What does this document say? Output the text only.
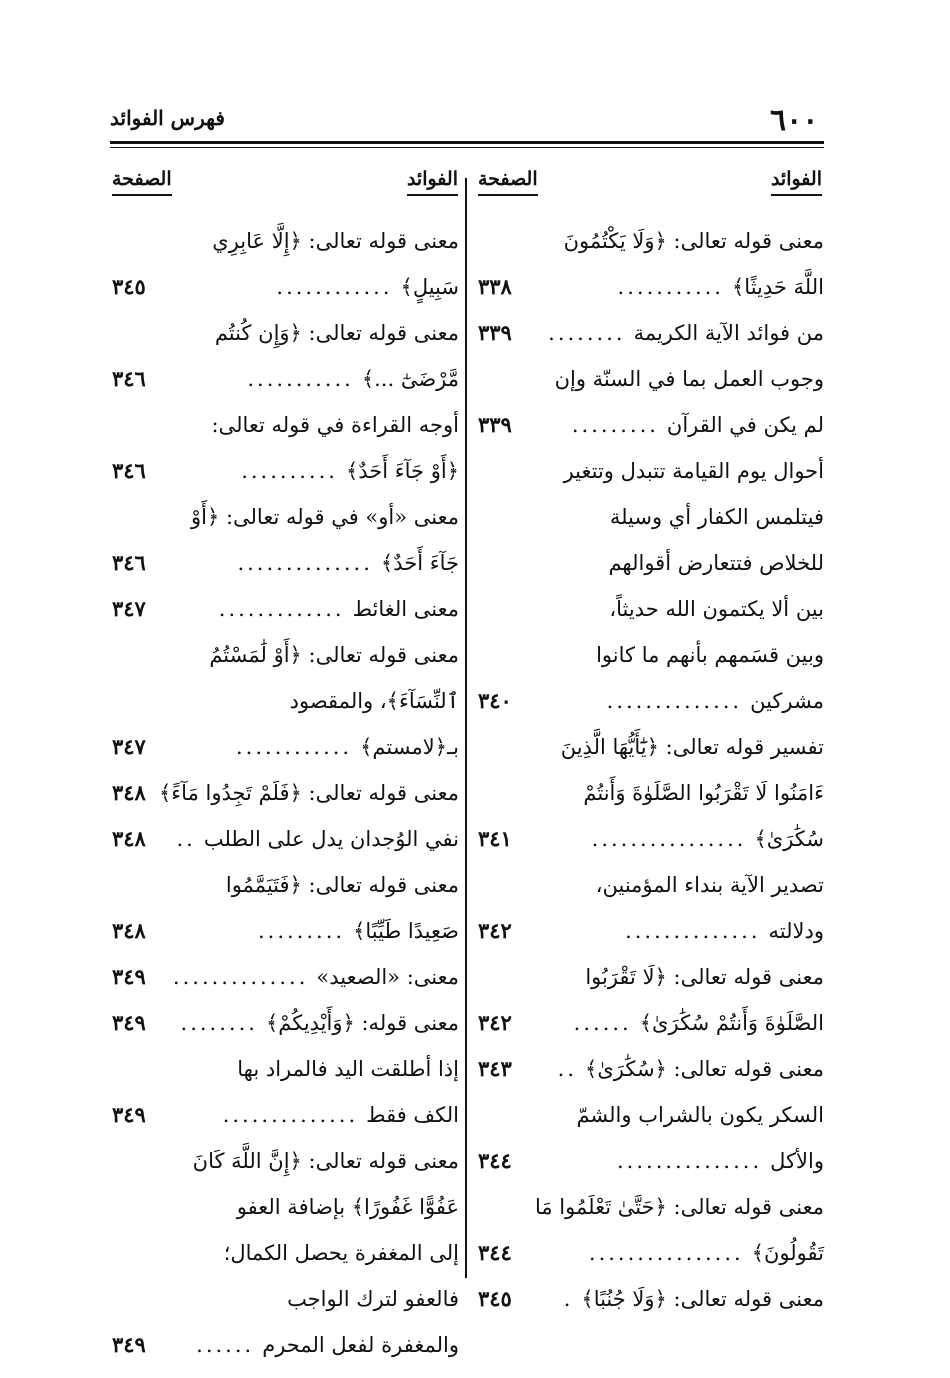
٦٠٠
فهرس الفوائد
الفوائد
الصفحة
الفوائد
الصفحة
معنى قوله تعالى: ﴿وَلَا يَكْتُمُونَ
اللَّهَ حَدِيثًا﴾...........
٣٣٨
من فوائد الآية الكريمة........
٣٣٩
وجوب العمل بما في السنّة وإن
لم يكن في القرآن.........
٣٣٩
أحوال يوم القيامة تتبدل وتتغير
فيتلمس الكفار أي وسيلة
للخلاص فتتعارض أقوالهم
بين ألا يكتمون الله حديثاً،
وبين قسَمهم بأنهم ما كانوا
مشركين..............
٣٤٠
تفسير قوله تعالى: ﴿يَٰٓأَيُّهَا الَّذِينَ
ءَامَنُوا لَا تَقْرَبُوا الصَّلَوٰةَ وَأَنتُمْ
سُكَٰرَىٰ﴾................
٣٤١
تصدير الآية بنداء المؤمنين،
ودلالته..............
٣٤٢
معنى قوله تعالى: ﴿لَا تَقْرَبُوا
الصَّلَوٰةَ وَأَنتُمْ سُكَٰرَىٰ﴾......
٣٤٢
معنى قوله تعالى: ﴿سُكَٰرَىٰ﴾..
٣٤٣
السكر يكون بالشراب والشمّ
والأكل...............
٣٤٤
معنى قوله تعالى: ﴿حَتَّىٰ تَعْلَمُوا مَا
تَقُولُونَ﴾................
٣٤٤
معنى قوله تعالى: ﴿وَلَا جُنُبًا﴾.
٣٤٥
معنى قوله تعالى: ﴿إِلَّا عَابِرِي
سَبِيلٍ﴾............
٣٤٥
معنى قوله تعالى: ﴿وَإِن كُنتُم
مَّرْضَىٰٓ ...﴾...........
٣٤٦
أوجه القراءة في قوله تعالى:
﴿أَوْ جَآءَ أَحَدٌ﴾..........
٣٤٦
معنى «أو» في قوله تعالى: ﴿أَوْ
جَآءَ أَحَدٌ﴾..............
٣٤٦
معنى الغائط.............
٣٤٧
معنى قوله تعالى: ﴿أَوْ لَٰمَسْتُمُ
ٱلنِّسَآءَ﴾، والمقصود
بـ﴿لامستم﴾............
٣٤٧
معنى قوله تعالى: ﴿فَلَمْ تَجِدُوا مَآءً﴾
٣٤٨
نفي الوُجدان يدل على الطلب..
٣٤٨
معنى قوله تعالى: ﴿فَتَيَمَّمُوا
صَعِيدًا طَيِّبًا﴾.........
٣٤٨
معنى: «الصعيد»..............
٣٤٩
معنى قوله: ﴿وَأَيْدِيكُمْ﴾........
٣٤٩
إذا أطلقت اليد فالمراد بها
الكف فقط..............
٣٤٩
معنى قوله تعالى: ﴿إِنَّ اللَّهَ كَانَ
عَفُوًّا غَفُورًا﴾ بإضافة العفو
إلى المغفرة يحصل الكمال؛
فالعفو لترك الواجب
والمغفرة لفعل المحرم......
٣٤٩
